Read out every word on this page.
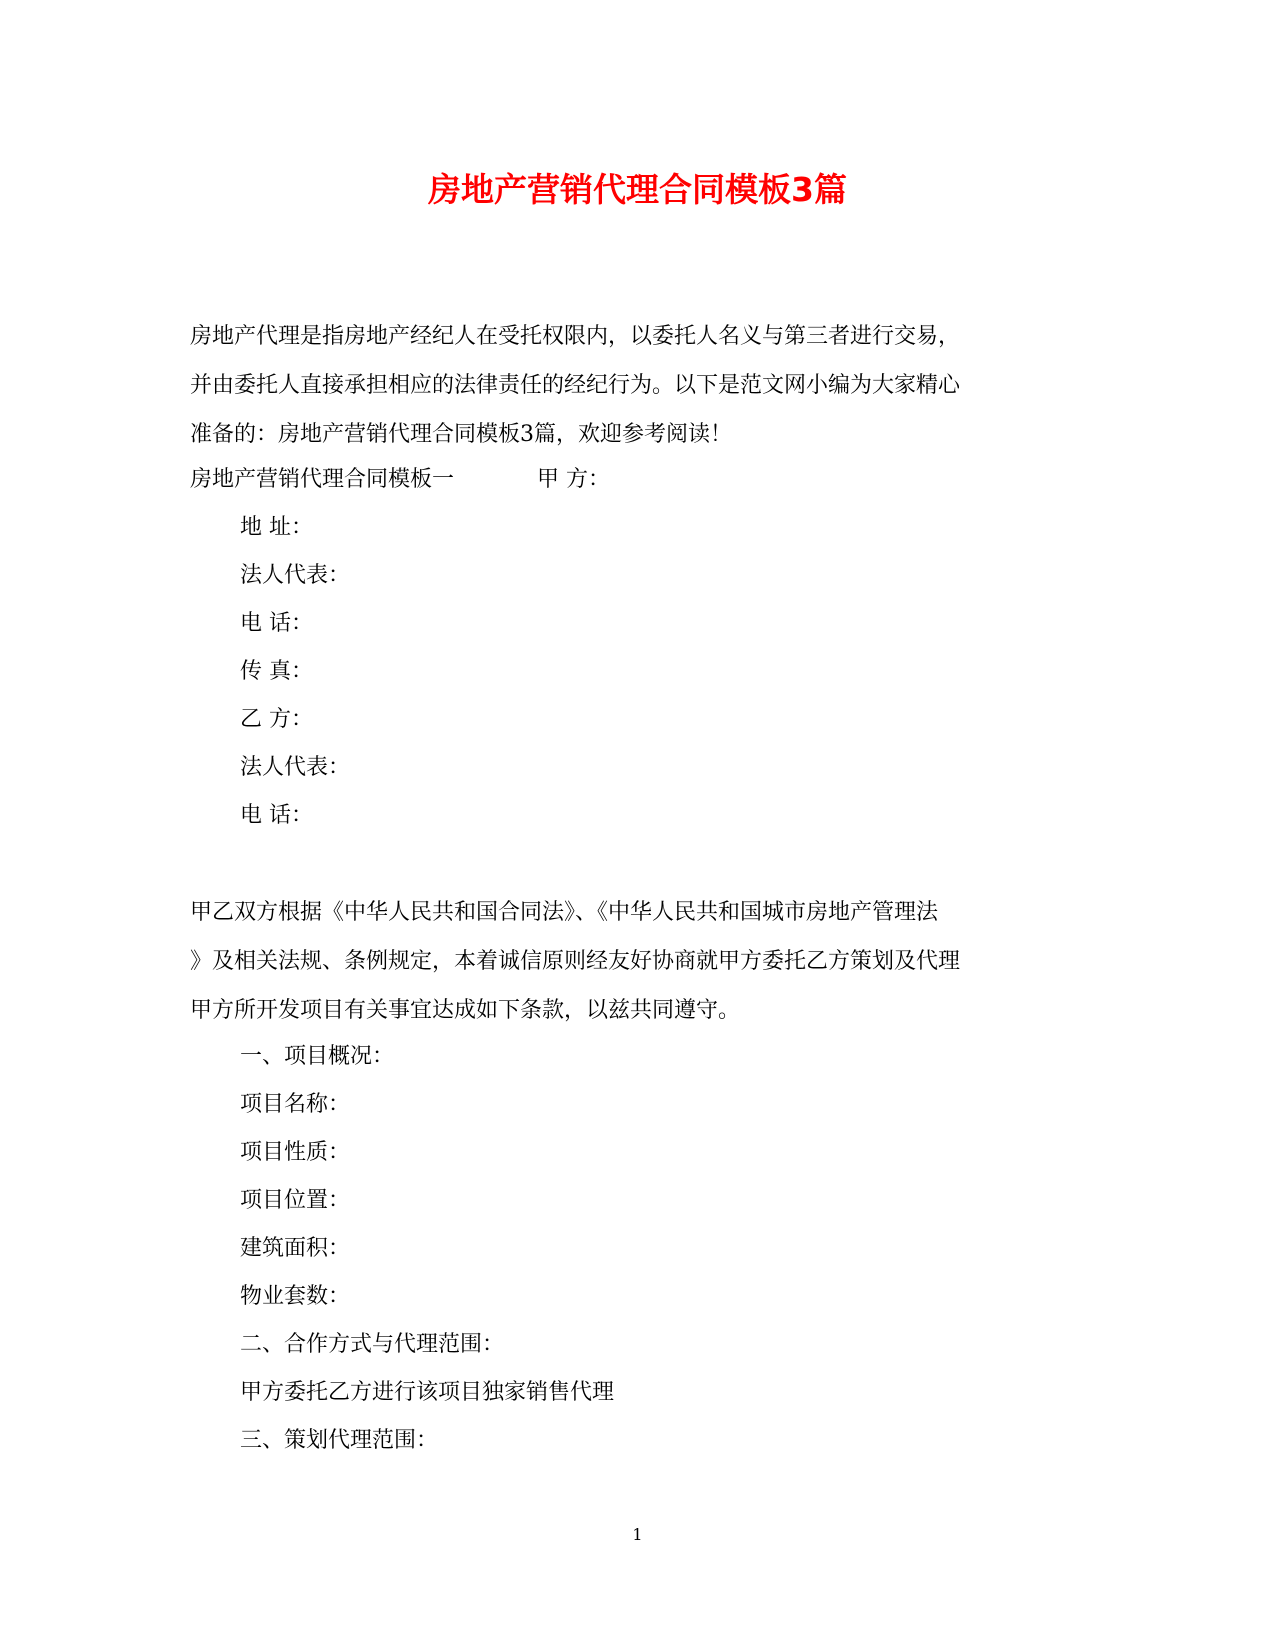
房地产营销代理合同模板3篇
房地产代理是指房地产经纪人在受托权限内，以委托人名义与第三者进行交易，
并由委托人直接承担相应的法律责任的经纪行为。以下是范文网小编为大家精心
准备的：房地产营销代理合同模板3篇，欢迎参考阅读！
房地产营销代理合同模板一	甲 方：
地 址：
法人代表：
电 话：
传 真：
乙 方：
法人代表：
电 话：
甲乙双方根据《中华人民共和国合同法》、《中华人民共和国城市房地产管理法
》及相关法规、条例规定，本着诚信原则经友好协商就甲方委托乙方策划及代理
甲方所开发项目有关事宜达成如下条款，以兹共同遵守。
一、项目概况：
项目名称：
项目性质：
项目位置：
建筑面积：
物业套数：
二、合作方式与代理范围：
甲方委托乙方进行该项目独家销售代理
三、策划代理范围：
1
